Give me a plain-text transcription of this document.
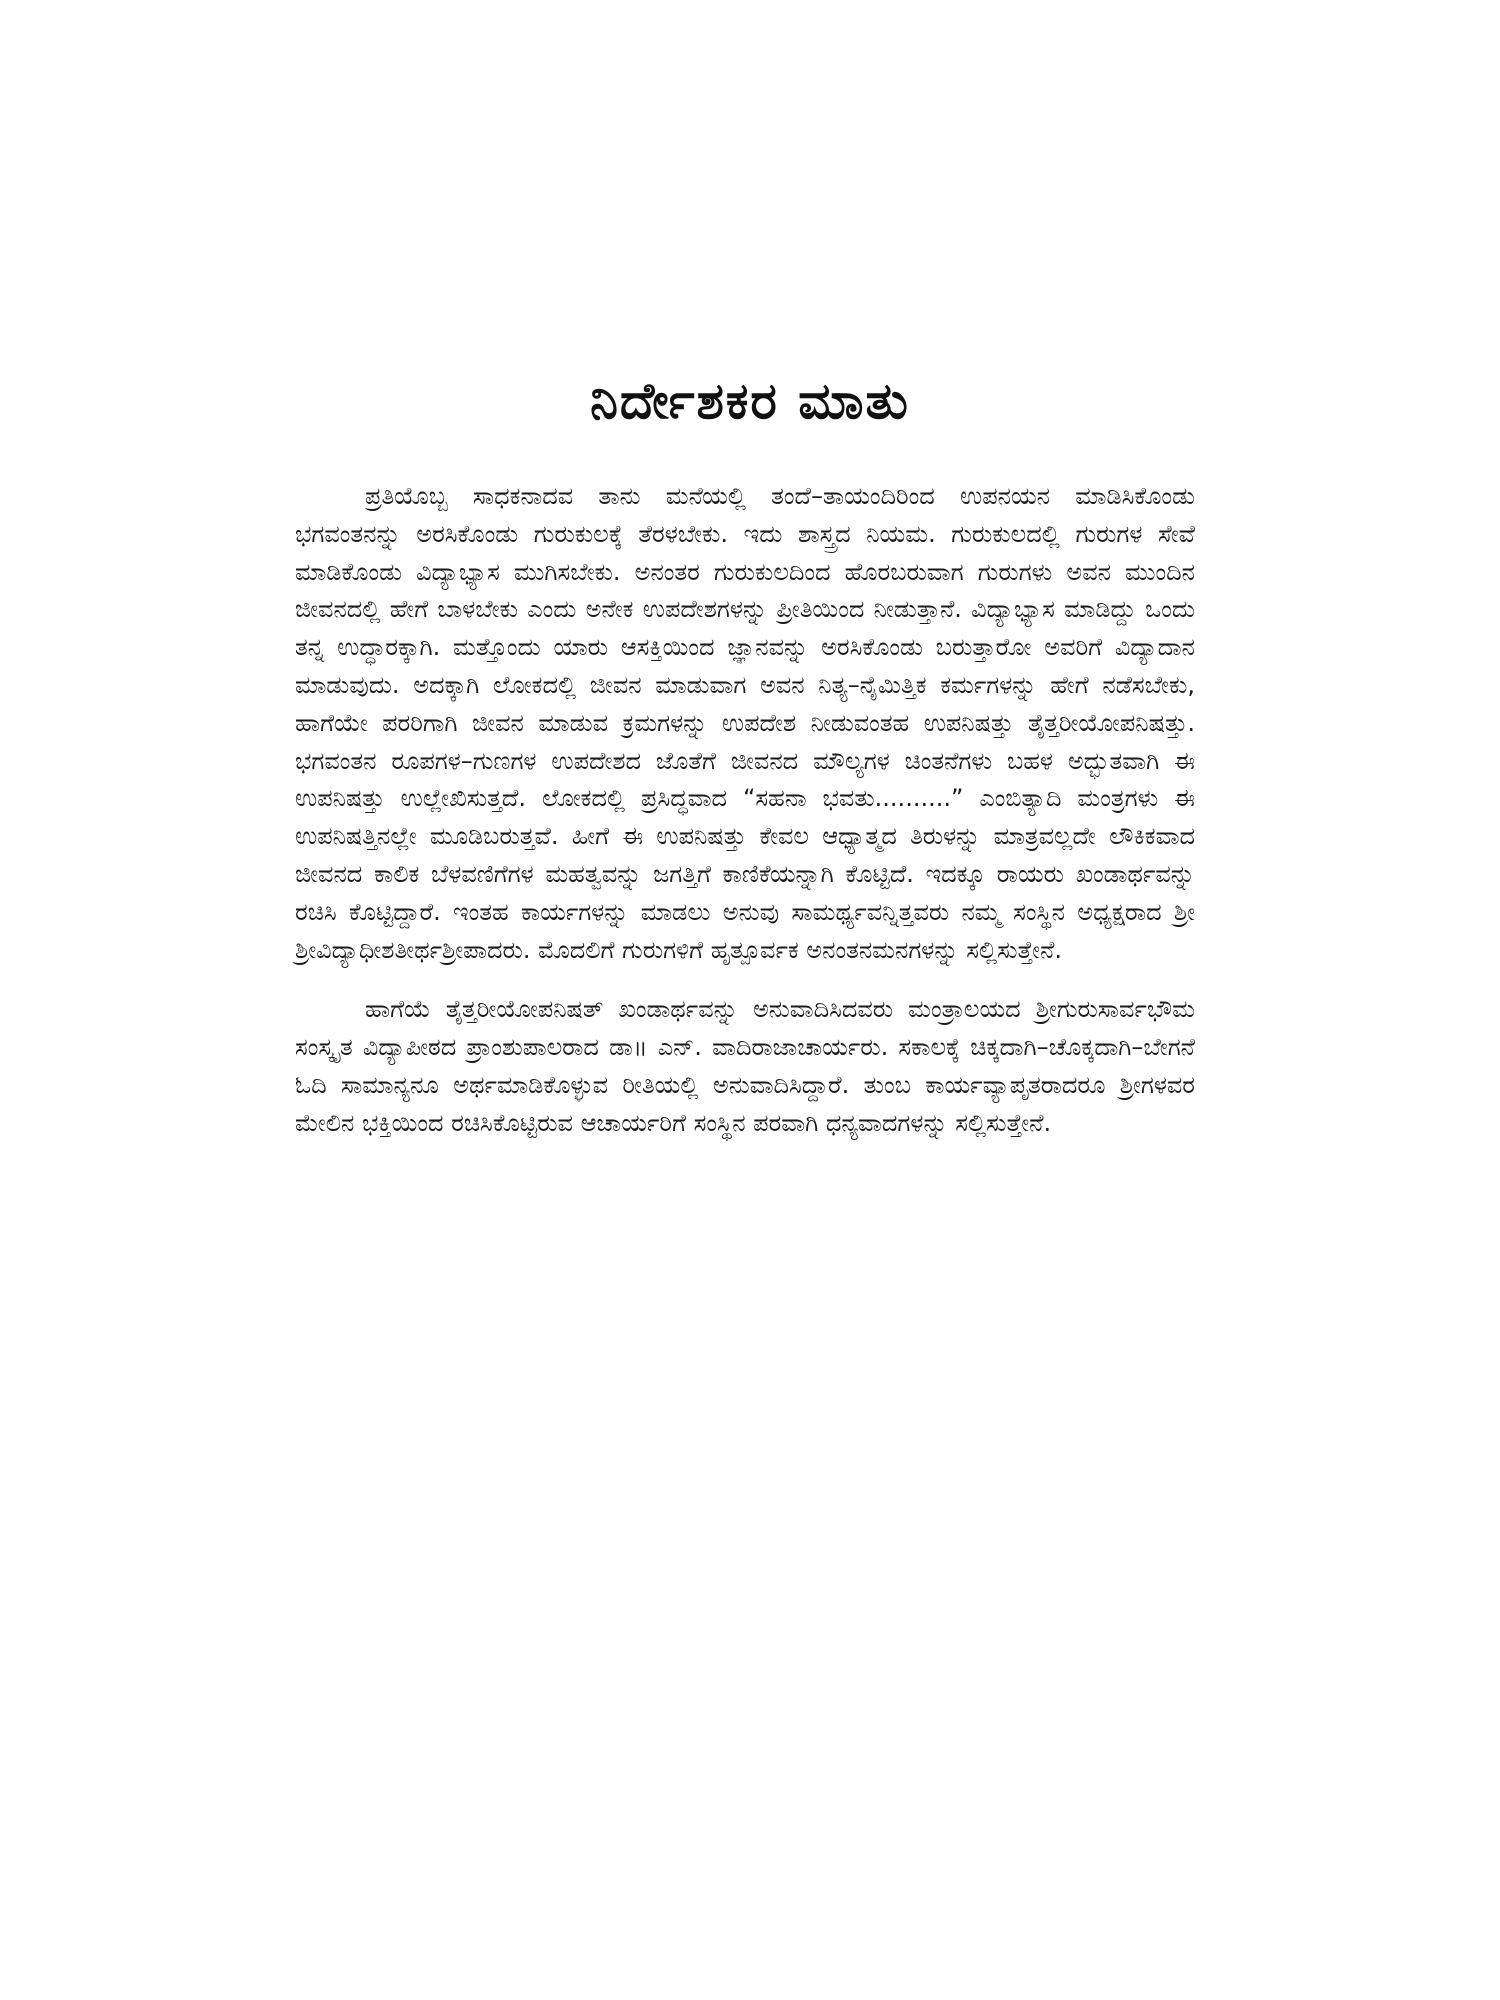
ನಿರ್ದೇಶಕರ ಮಾತು

ಪ್ರತಿಯೊಬ್ಬ ಸಾಧಕನಾದವ ತಾನು ಮನೆಯಲ್ಲಿ ತಂದೆ–ತಾಯಂದಿರಿಂದ ಉಪನಯನ ಮಾಡಿಸಿಕೊಂಡು ಭಗವಂತನನ್ನು ಅರಸಿಕೊಂಡು ಗುರುಕುಲಕ್ಕೆ ತೆರಳಬೇಕು. ಇದು ಶಾಸ್ತ್ರದ ನಿಯಮ. ಗುರುಕುಲದಲ್ಲಿ ಗುರುಗಳ ಸೇವೆ ಮಾಡಿಕೊಂಡು ವಿದ್ಯಾಭ್ಯಾಸ ಮುಗಿಸಬೇಕು. ಅನಂತರ ಗುರುಕುಲದಿಂದ ಹೊರಬರುವಾಗ ಗುರುಗಳು ಅವನ ಮುಂದಿನ ಜೀವನದಲ್ಲಿ ಹೇಗೆ ಬಾಳಬೇಕು ಎಂದು ಅನೇಕ ಉಪದೇಶಗಳನ್ನು ಪ್ರೀತಿಯಿಂದ ನೀಡುತ್ತಾನೆ. ವಿದ್ಯಾಭ್ಯಾಸ ಮಾಡಿದ್ದು ಒಂದು ತನ್ನ ಉದ್ಧಾರಕ್ಕಾಗಿ. ಮತ್ತೊಂದು ಯಾರು ಆಸಕ್ತಿಯಿಂದ ಜ್ಞಾನವನ್ನು ಅರಸಿಕೊಂಡು ಬರುತ್ತಾರೋ ಅವರಿಗೆ ವಿದ್ಯಾದಾನ ಮಾಡುವುದು. ಅದಕ್ಕಾಗಿ ಲೋಕದಲ್ಲಿ ಜೀವನ ಮಾಡುವಾಗ ಅವನ ನಿತ್ಯ–ನೈಮಿತ್ತಿಕ ಕರ್ಮಗಳನ್ನು ಹೇಗೆ ನಡೆಸಬೇಕು, ಹಾಗೆಯೇ ಪರರಿಗಾಗಿ ಜೀವನ ಮಾಡುವ ಕ್ರಮಗಳನ್ನು ಉಪದೇಶ ನೀಡುವಂತಹ ಉಪನಿಷತ್ತು ತೈತ್ತರೀಯೋಪನಿಷತ್ತು. ಭಗವಂತನ ರೂಪಗಳ–ಗುಣಗಳ ಉಪದೇಶದ ಜೊತೆಗೆ ಜೀವನದ ಮೌಲ್ಯಗಳ ಚಿಂತನೆಗಳು ಬಹಳ ಅದ್ಭುತವಾಗಿ ಈ ಉಪನಿಷತ್ತು ಉಲ್ಲೇಖಿಸುತ್ತದೆ. ಲೋಕದಲ್ಲಿ ಪ್ರಸಿದ್ಧವಾದ “ಸಹನಾ ಭವತು..........” ಎಂಬಿತ್ಯಾದಿ ಮಂತ್ರಗಳು ಈ ಉಪನಿಷತ್ತಿನಲ್ಲೇ ಮೂಡಿಬರುತ್ತವೆ. ಹೀಗೆ ಈ ಉಪನಿಷತ್ತು ಕೇವಲ ಆಧ್ಯಾತ್ಮದ ತಿರುಳನ್ನು ಮಾತ್ರವಲ್ಲದೇ ಲೌಕಿಕವಾದ ಜೀವನದ ಕಾಲಿಕ ಬೆಳವಣಿಗೆಗಳ ಮಹತ್ವವನ್ನು ಜಗತ್ತಿಗೆ ಕಾಣಿಕೆಯನ್ನಾಗಿ ಕೊಟ್ಟಿದೆ. ಇದಕ್ಕೂ ರಾಯರು ಖಂಡಾರ್ಥವನ್ನು ರಚಿಸಿ ಕೊಟ್ಟಿದ್ದಾರೆ. ಇಂತಹ ಕಾರ್ಯಗಳನ್ನು ಮಾಡಲು ಅನುವು ಸಾಮರ್ಥ್ಯವನ್ನಿತ್ತವರು ನಮ್ಮ ಸಂಸ್ಥಿನ ಅಧ್ಯಕ್ಷರಾದ ಶ್ರೀ ಶ್ರೀವಿದ್ಯಾಧೀಶತೀರ್ಥಶ್ರೀಪಾದರು. ಮೊದಲಿಗೆ ಗುರುಗಳಿಗೆ ಹೃತ್ಪೂರ್ವಕ ಅನಂತನಮನಗಳನ್ನು ಸಲ್ಲಿಸುತ್ತೇನೆ.

ಹಾಗೆಯೆ ತೈತ್ತರೀಯೋಪನಿಷತ್ ಖಂಡಾರ್ಥವನ್ನು ಅನುವಾದಿಸಿದವರು ಮಂತ್ರಾಲಯದ ಶ್ರೀಗುರುಸಾರ್ವಭೌಮ ಸಂಸ್ಕೃತ ವಿದ್ಯಾಪೀಠದ ಪ್ರಾಂಶುಪಾಲರಾದ ಡಾ॥ ಎನ್. ವಾದಿರಾಜಾಚಾರ್ಯರು. ಸಕಾಲಕ್ಕೆ ಚಿಕ್ಕದಾಗಿ–ಚೊಕ್ಕದಾಗಿ–ಬೇಗನೆ ಓದಿ ಸಾಮಾನ್ಯನೂ ಅರ್ಥಮಾಡಿಕೊಳ್ಳುವ ರೀತಿಯಲ್ಲಿ ಅನುವಾದಿಸಿದ್ದಾರೆ. ತುಂಬ ಕಾರ್ಯವ್ಯಾಪೃತರಾದರೂ ಶ್ರೀಗಳವರ ಮೇಲಿನ ಭಕ್ತಿಯಿಂದ ರಚಿಸಿಕೊಟ್ಟಿರುವ ಆಚಾರ್ಯರಿಗೆ ಸಂಸ್ಥಿನ ಪರವಾಗಿ ಧನ್ಯವಾದಗಳನ್ನು ಸಲ್ಲಿಸುತ್ತೇನೆ.
